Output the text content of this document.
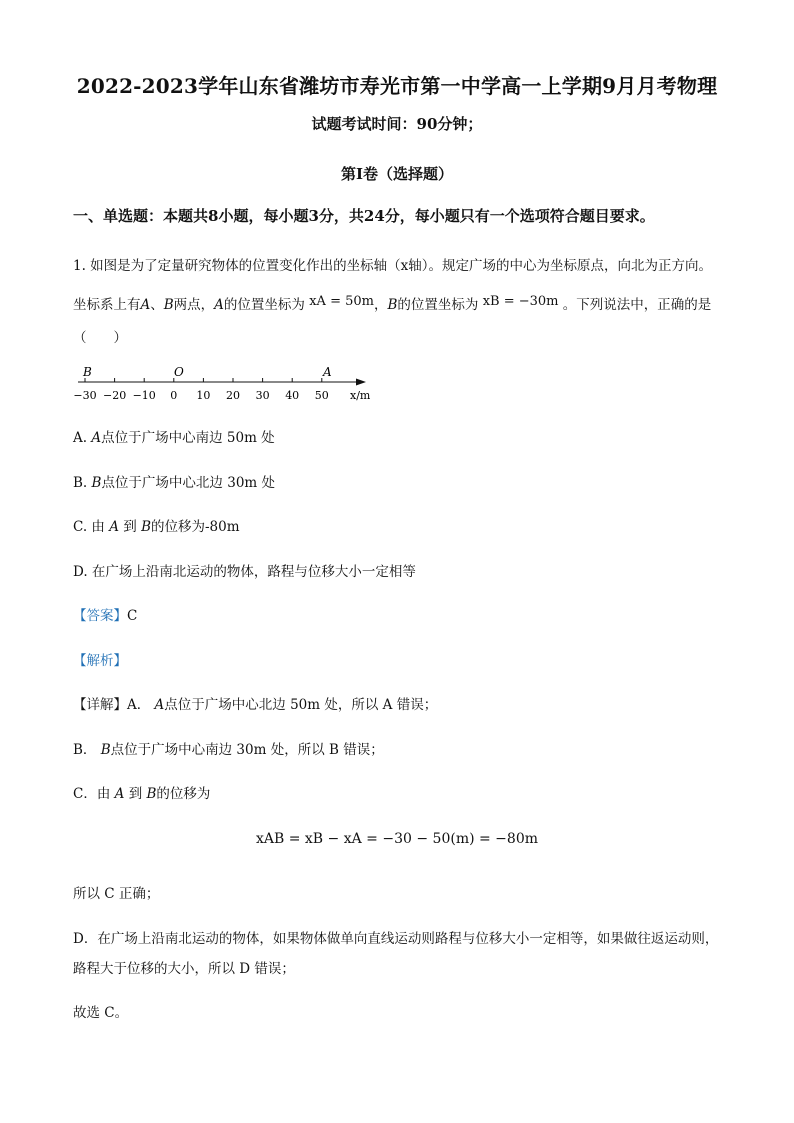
2022-2023学年山东省潍坊市寿光市第一中学高一上学期9月月考物理
试题考试时间：90分钟；
第I卷（选择题）
一、单选题：本题共8小题，每小题3分，共24分，每小题只有一个选项符合题目要求。
1. 如图是为了定量研究物体的位置变化作出的坐标轴（x轴）。规定广场的中心为坐标原点，向北为正方向。
坐标系上有A、B两点，A的位置坐标为 xA = 50m，B的位置坐标为 xB = −30m 。下列说法中，正确的是
（　　）
−30 −20 −10 0 10 20 30 40 50
B	O	A
x/m
A. A点位于广场中心南边 50m 处
B. B点位于广场中心北边 30m 处
C. 由 A 到 B的位移为-80m
D. 在广场上沿南北运动的物体，路程与位移大小一定相等
【答案】C
【解析】
【详解】A． A点位于广场中心北边 50m 处，所以 A 错误；
B． B点位于广场中心南边 30m 处，所以 B 错误；
C．由 A 到 B的位移为
xAB = xB − xA = −30 − 50(m) = −80m
所以 C 正确；
D．在广场上沿南北运动的物体，如果物体做单向直线运动则路程与位移大小一定相等，如果做往返运动则，
路程大于位移的大小，所以 D 错误；
故选 C。
